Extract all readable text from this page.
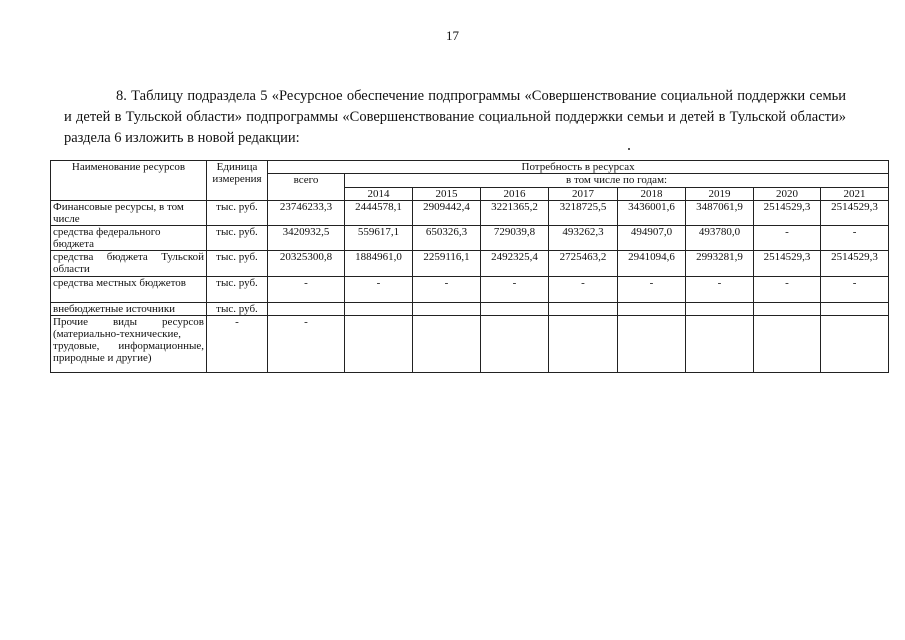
17
8. Таблицу подраздела 5 «Ресурсное обеспечение подпрограммы «Совершенствование социальной поддержки семьи и детей в Тульской области» подпрограммы «Совершенствование социальной поддержки семьи и детей в Тульской области» раздела 6 изложить в новой редакции:
Наименование ресурсов	Единица измерения	Потребность в ресурсах								
		всего	в том числе по годам:							
			2014	2015	2016	2017	2018	2019	2020	2021
Финансовые ресурсы, в том числе	тыс. руб.	23746233,3	2444578,1	2909442,4	3221365,2	3218725,5	3436001,6	3487061,9	2514529,3	2514529,3
средства федерального бюджета	тыс. руб.	3420932,5	559617,1	650326,3	729039,8	493262,3	494907,0	493780,0	-	-
средства бюджета Тульской области	тыс. руб.	20325300,8	1884961,0	2259116,1	2492325,4	2725463,2	2941094,6	2993281,9	2514529,3	2514529,3
средства местных бюджетов	тыс. руб.	-	-	-	-	-	-	-	-	-
внебюджетные источники	тыс. руб.									
Прочие виды ресурсов (материально-технические, трудовые, информационные, природные и другие)	-	-								
